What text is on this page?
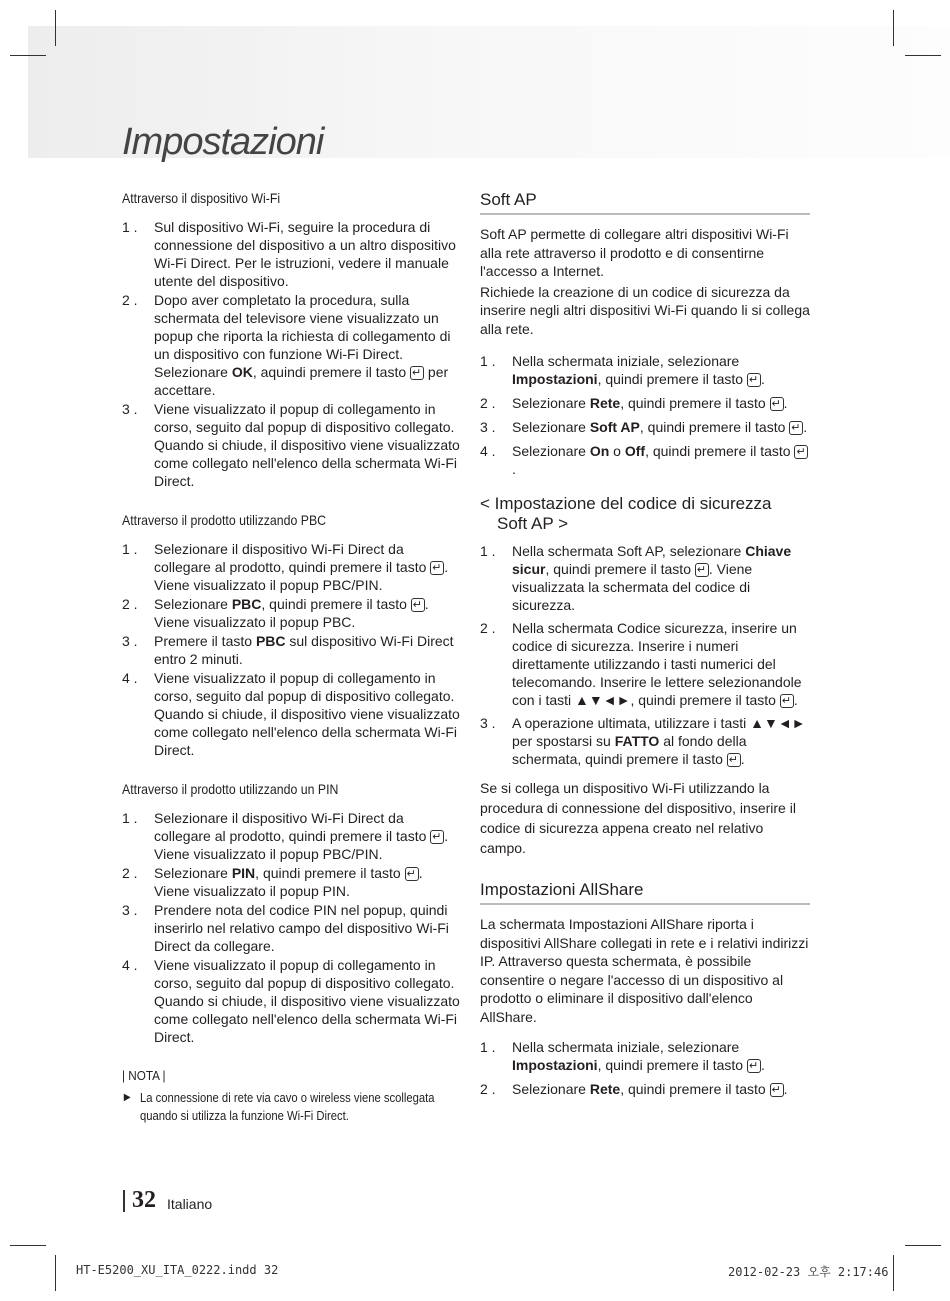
Impostazioni
Attraverso il dispositivo Wi-Fi
1 . Sul dispositivo Wi-Fi, seguire la procedura di connessione del dispositivo a un altro dispositivo Wi-Fi Direct. Per le istruzioni, vedere il manuale utente del dispositivo.
2 . Dopo aver completato la procedura, sulla schermata del televisore viene visualizzato un popup che riporta la richiesta di collegamento di un dispositivo con funzione Wi-Fi Direct. Selezionare OK, aquindi premere il tasto ↵ per accettare.
3 . Viene visualizzato il popup di collegamento in corso, seguito dal popup di dispositivo collegato. Quando si chiude, il dispositivo viene visualizzato come collegato nell'elenco della schermata Wi-Fi Direct.
Attraverso il prodotto utilizzando PBC
1 . Selezionare il dispositivo Wi-Fi Direct da collegare al prodotto, quindi premere il tasto ↵. Viene visualizzato il popup PBC/PIN.
2 . Selezionare PBC, quindi premere il tasto ↵. Viene visualizzato il popup PBC.
3 . Premere il tasto PBC sul dispositivo Wi-Fi Direct entro 2 minuti.
4 . Viene visualizzato il popup di collegamento in corso, seguito dal popup di dispositivo collegato. Quando si chiude, il dispositivo viene visualizzato come collegato nell'elenco della schermata Wi-Fi Direct.
Attraverso il prodotto utilizzando un PIN
1 . Selezionare il dispositivo Wi-Fi Direct da collegare al prodotto, quindi premere il tasto ↵. Viene visualizzato il popup PBC/PIN.
2 . Selezionare PIN, quindi premere il tasto ↵. Viene visualizzato il popup PIN.
3 . Prendere nota del codice PIN nel popup, quindi inserirlo nel relativo campo del dispositivo Wi-Fi Direct da collegare.
4 . Viene visualizzato il popup di collegamento in corso, seguito dal popup di dispositivo collegato. Quando si chiude, il dispositivo viene visualizzato come collegato nell'elenco della schermata Wi-Fi Direct.
| NOTA |
▶ La connessione di rete via cavo o wireless viene scollegata quando si utilizza la funzione Wi-Fi Direct.
Soft AP

Soft AP permette di collegare altri dispositivi Wi-Fi alla rete attraverso il prodotto e di consentirne l'accesso a Internet.

Richiede la creazione di un codice di sicurezza da inserire negli altri dispositivi Wi-Fi quando li si collega alla rete.

1 . Nella schermata iniziale, selezionare Impostazioni, quindi premere il tasto ↵.
2 . Selezionare Rete, quindi premere il tasto ↵.
3 . Selezionare Soft AP, quindi premere il tasto ↵.
4 . Selezionare On o Off, quindi premere il tasto ↵.
< Impostazione del codice di sicurezza
Soft AP >
1 . Nella schermata Soft AP, selezionare Chiave sicur, quindi premere il tasto ↵. Viene visualizzata la schermata del codice di sicurezza.
2 . Nella schermata Codice sicurezza, inserire un codice di sicurezza. Inserire i numeri direttamente utilizzando i tasti numerici del telecomando. Inserire le lettere selezionandole con i tasti ▲▼◄►, quindi premere il tasto ↵.
3 . A operazione ultimata, utilizzare i tasti ▲▼◄► per spostarsi su FATTO al fondo della schermata, quindi premere il tasto ↵.

Se si collega un dispositivo Wi-Fi utilizzando la procedura di connessione del dispositivo, inserire il codice di sicurezza appena creato nel relativo campo.

Impostazioni AllShare

La schermata Impostazioni AllShare riporta i dispositivi AllShare collegati in rete e i relativi indirizzi IP. Attraverso questa schermata, è possibile consentire o negare l'accesso di un dispositivo al prodotto o eliminare il dispositivo dall'elenco AllShare.

1 . Nella schermata iniziale, selezionare Impostazioni, quindi premere il tasto ↵.
2 . Selezionare Rete, quindi premere il tasto ↵.
32 Italiano
HT-E5200_XU_ITA_0222.indd 32	2012-02-23 오후 2:17:46
